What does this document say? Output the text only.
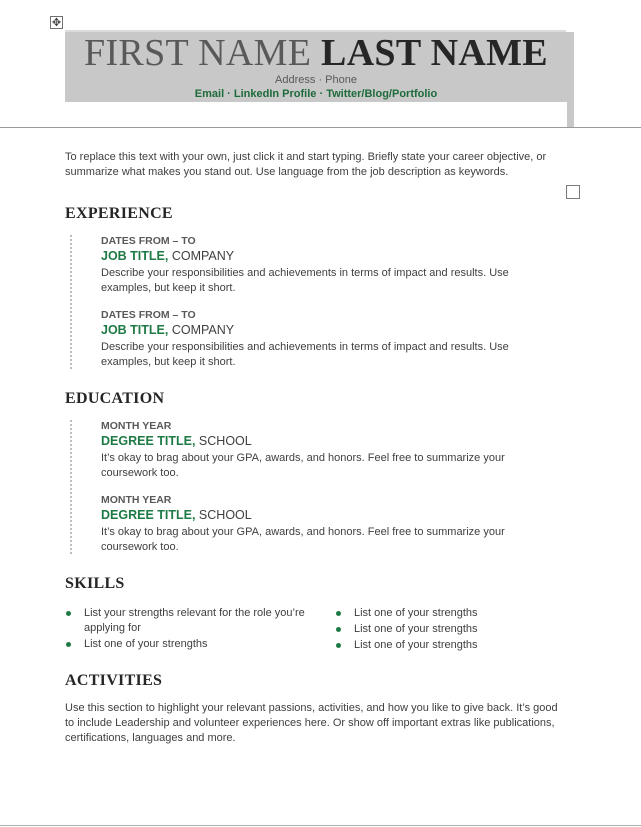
✥
FIRST NAME LAST NAME
Address · Phone
Email · LinkedIn Profile · Twitter/Blog/Portfolio
To replace this text with your own, just click it and start typing. Briefly state your career objective, or summarize what makes you stand out. Use language from the job description as keywords.
EXPERIENCE
DATES FROM – TO
JOB TITLE, COMPANY
Describe your responsibilities and achievements in terms of impact and results. Use examples, but keep it short.
DATES FROM – TO
JOB TITLE, COMPANY
Describe your responsibilities and achievements in terms of impact and results. Use examples, but keep it short.
EDUCATION
MONTH YEAR
DEGREE TITLE, SCHOOL
It’s okay to brag about your GPA, awards, and honors. Feel free to summarize your coursework too.
MONTH YEAR
DEGREE TITLE, SCHOOL
It’s okay to brag about your GPA, awards, and honors. Feel free to summarize your coursework too.
SKILLS
List your strengths relevant for the role you’re applying for
List one of your strengths
List one of your strengths
List one of your strengths
List one of your strengths
ACTIVITIES
Use this section to highlight your relevant passions, activities, and how you like to give back. It’s good to include Leadership and volunteer experiences here. Or show off important extras like publications, certifications, languages and more.
